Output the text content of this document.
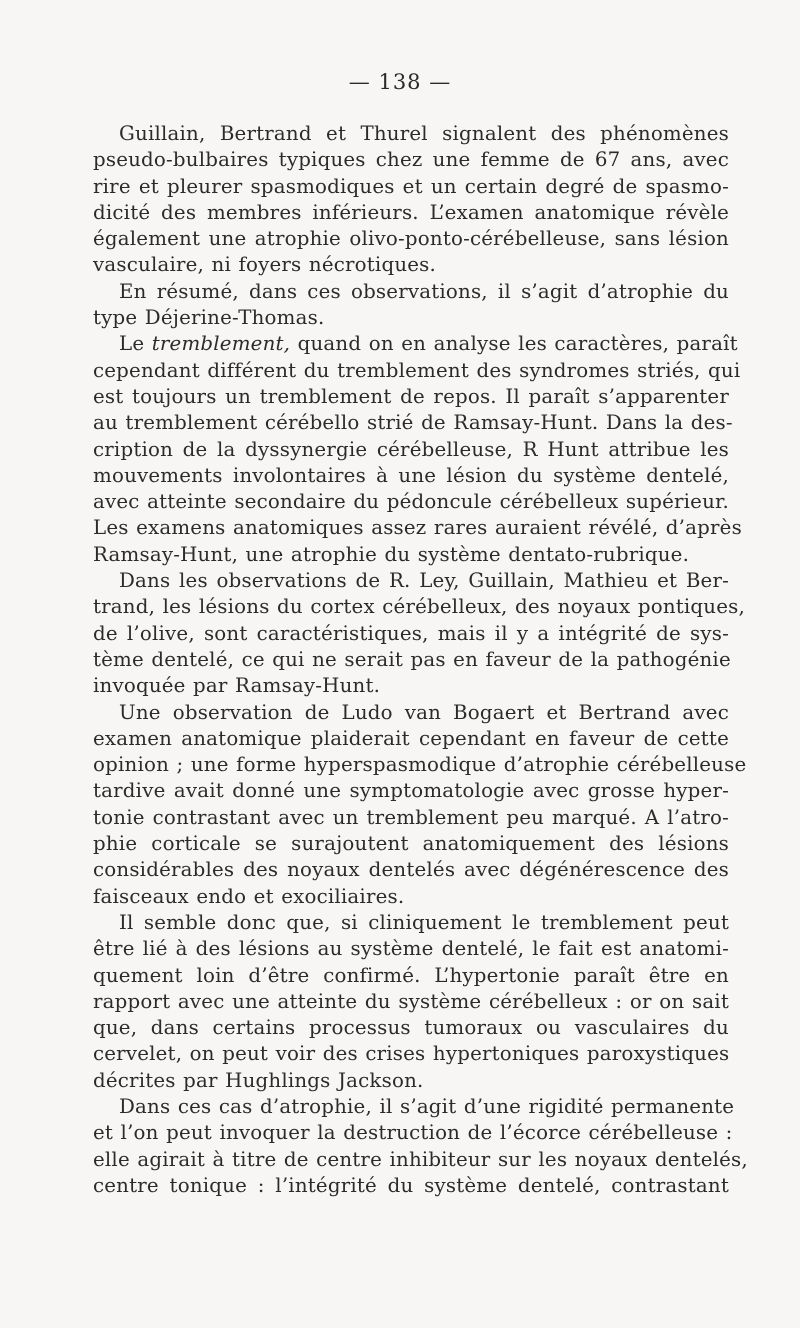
— 138 —
Guillain, Bertrand et Thurel signalent des phénomènes
pseudo-bulbaires typiques chez une femme de 67 ans, avec
rire et pleurer spasmodiques et un certain degré de spasmo-
dicité des membres inférieurs. L’examen anatomique révèle
également une atrophie olivo-ponto-cérébelleuse, sans lésion
vasculaire, ni foyers nécrotiques.
En résumé, dans ces observations, il s’agit d’atrophie du
type Déjerine-Thomas.
Le tremblement, quand on en analyse les caractères, paraît
cependant différent du tremblement des syndromes striés, qui
est toujours un tremblement de repos. Il paraît s’apparenter
au tremblement cérébello strié de Ramsay-Hunt. Dans la des-
cription de la dyssynergie cérébelleuse, R Hunt attribue les
mouvements involontaires à une lésion du système dentelé,
avec atteinte secondaire du pédoncule cérébelleux supérieur.
Les examens anatomiques assez rares auraient révélé, d’après
Ramsay-Hunt, une atrophie du système dentato-rubrique.
Dans les observations de R. Ley, Guillain, Mathieu et Ber-
trand, les lésions du cortex cérébelleux, des noyaux pontiques,
de l’olive, sont caractéristiques, mais il y a intégrité de sys-
tème dentelé, ce qui ne serait pas en faveur de la pathogénie
invoquée par Ramsay-Hunt.
Une observation de Ludo van Bogaert et Bertrand avec
examen anatomique plaiderait cependant en faveur de cette
opinion ; une forme hyperspasmodique d’atrophie cérébelleuse
tardive avait donné une symptomatologie avec grosse hyper-
tonie contrastant avec un tremblement peu marqué. A l’atro-
phie corticale se surajoutent anatomiquement des lésions
considérables des noyaux dentelés avec dégénérescence des
faisceaux endo et exociliaires.
Il semble donc que, si cliniquement le tremblement peut
être lié à des lésions au système dentelé, le fait est anatomi-
quement loin d’être confirmé. L’hypertonie paraît être en
rapport avec une atteinte du système cérébelleux : or on sait
que, dans certains processus tumoraux ou vasculaires du
cervelet, on peut voir des crises hypertoniques paroxystiques
décrites par Hughlings Jackson.
Dans ces cas d’atrophie, il s’agit d’une rigidité permanente
et l’on peut invoquer la destruction de l’écorce cérébelleuse :
elle agirait à titre de centre inhibiteur sur les noyaux dentelés,
centre tonique : l’intégrité du système dentelé, contrastant
